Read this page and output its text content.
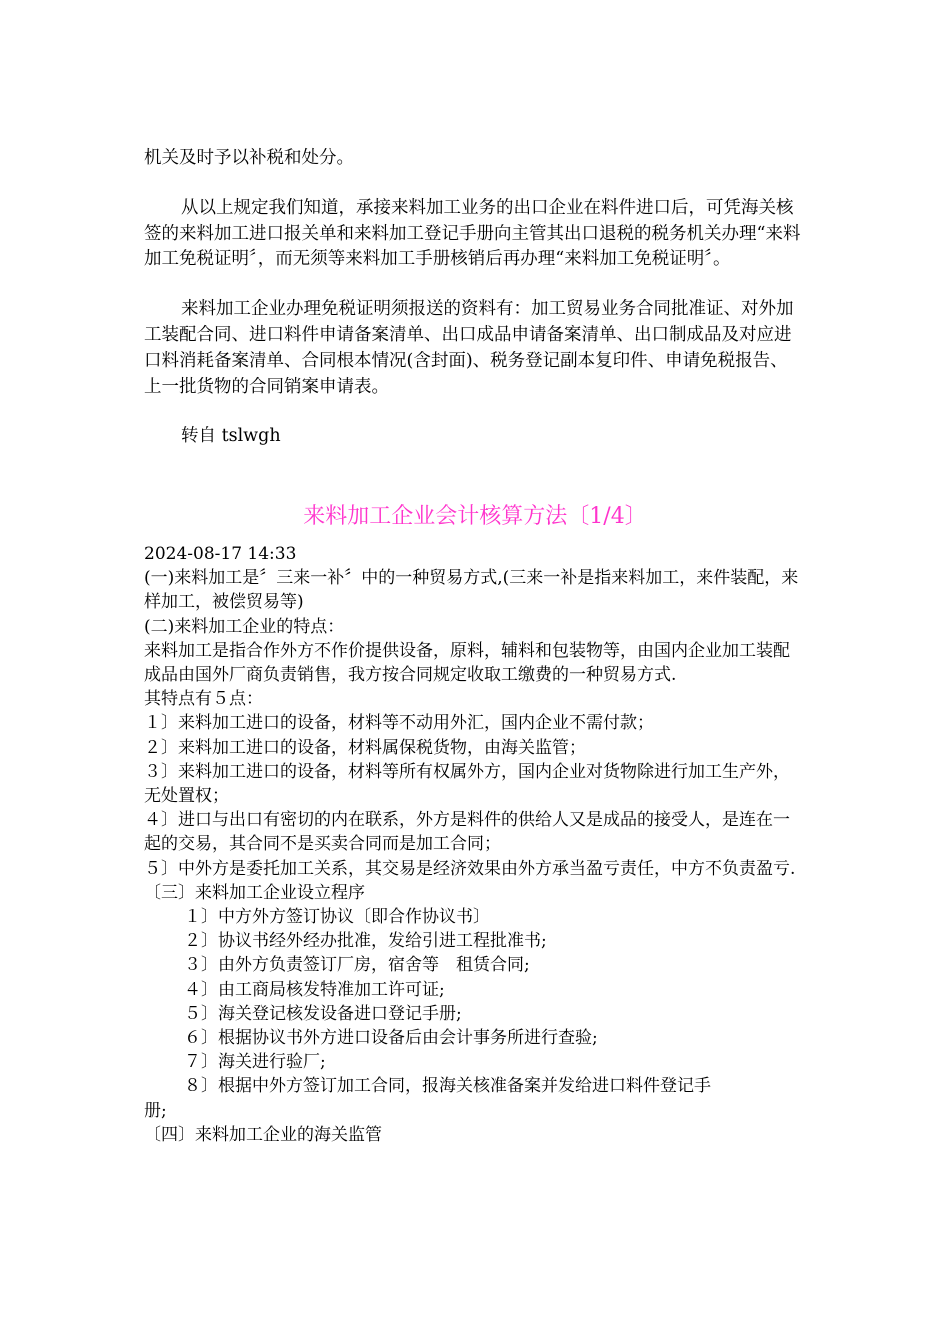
机关及时予以补税和处分。

从以上规定我们知道，承接来料加工业务的出口企业在料件进口后，可凭海关核签的来料加工进口报关单和来料加工登记手册向主管其出口退税的税务机关办理“来料加工免税证明〞，而无须等来料加工手册核销后再办理“来料加工免税证明〞。

来料加工企业办理免税证明须报送的资料有：加工贸易业务合同批准证、对外加工装配合同、进口料件申请备案清单、出口成品申请备案清单、出口制成品及对应进口料消耗备案清单、合同根本情况(含封面)、税务登记副本复印件、申请免税报告、上一批货物的合同销案申请表。

转自 tslwgh

来料加工企业会计核算方法〔1/4〕

2024-08-17 14:33

(一)来料加工是〞三来一补〞中的一种贸易方式,(三来一补是指来料加工，来件装配，来样加工，被偿贸易等)

(二)来料加工企业的特点：

来料加工是指合作外方不作价提供设备，原料，辅料和包装物等，由国内企业加工装配成品由国外厂商负责销售，我方按合同规定收取工缴费的一种贸易方式.

其特点有５点：

１〕来料加工进口的设备，材料等不动用外汇，国内企业不需付款；

２〕来料加工进口的设备，材料属保税货物，由海关监管；

３〕来料加工进口的设备，材料等所有权属外方，国内企业对货物除进行加工生产外，无处置权；

４〕进口与出口有密切的内在联系，外方是料件的供给人又是成品的接受人，是连在一起的交易，其合同不是买卖合同而是加工合同；

５〕中外方是委托加工关系，其交易是经济效果由外方承当盈亏责任，中方不负责盈亏.

〔三〕来料加工企业设立程序

１〕中方外方签订协议〔即合作协议书〕

２〕协议书经外经办批准，发给引进工程批准书;

３〕由外方负责签订厂房，宿舍等　租赁合同;

４〕由工商局核发特准加工许可证;

５〕海关登记核发设备进口登记手册;

６〕根据协议书外方进口设备后由会计事务所进行查验;

７〕海关进行验厂;

８〕根据中外方签订加工合同，报海关核准备案并发给进口料件登记手

册;

〔四〕来料加工企业的海关监管
